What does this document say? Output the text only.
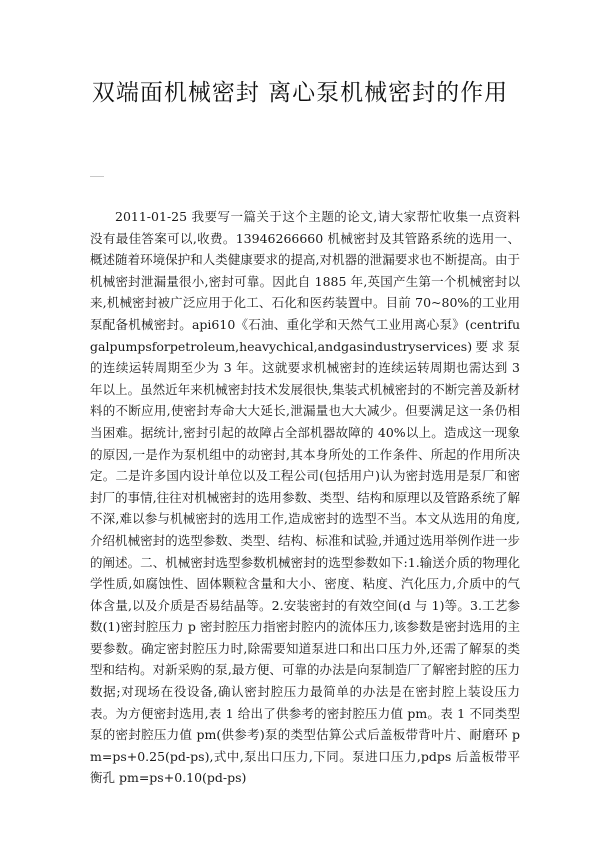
双端面机械密封 离心泵机械密封的作用

2011-01-25 我要写一篇关于这个主题的论文,请大家帮忙收集一点资料没有最佳答案可以,收费。13946266660 机械密封及其管路系统的选用一、概述随着环境保护和人类健康要求的提高,对机器的泄漏要求也不断提高。由于机械密封泄漏量很小,密封可靠。因此自 1885 年,英国产生第一个机械密封以来,机械密封被广泛应用于化工、石化和医药装置中。目前 70~80%的工业用泵配备机械密封。api610《石油、重化学和天然气工业用离心泵》(centrifugalpumpsforpetroleum,heavychical,andgasindustryservices)要求泵的连续运转周期至少为 3 年。这就要求机械密封的连续运转周期也需达到 3 年以上。虽然近年来机械密封技术发展很快,集装式机械密封的不断完善及新材料的不断应用,使密封寿命大大延长,泄漏量也大大减少。但要满足这一条仍相当困难。据统计,密封引起的故障占全部机器故障的 40%以上。造成这一现象的原因,一是作为泵机组中的动密封,其本身所处的工作条件、所起的作用所决定。二是许多国内设计单位以及工程公司(包括用户)认为密封选用是泵厂和密封厂的事情,往往对机械密封的选用参数、类型、结构和原理以及管路系统了解不深,难以参与机械密封的选用工作,造成密封的选型不当。本文从选用的角度,介绍机械密封的选型参数、类型、结构、标准和试验,并通过选用举例作进一步的阐述。二、机械密封选型参数机械密封的选型参数如下:1.输送介质的物理化学性质,如腐蚀性、固体颗粒含量和大小、密度、粘度、汽化压力,介质中的气体含量,以及介质是否易结晶等。2.安装密封的有效空间(d 与 1)等。3.工艺参数(1)密封腔压力 p 密封腔压力指密封腔内的流体压力,该参数是密封选用的主要参数。确定密封腔压力时,除需要知道泵进口和出口压力外,还需了解泵的类型和结构。对新采购的泵,最方便、可靠的办法是向泵制造厂了解密封腔的压力数据;对现场在役设备,确认密封腔压力最简单的办法是在密封腔上装设压力表。为方便密封选用,表 1 给出了供参考的密封腔压力值 pm。表 1 不同类型泵的密封腔压力值 pm(供参考)泵的类型估算公式后盖板带背叶片、耐磨环 pm=ps+0.25(pd-ps),式中,泵出口压力,下同。泵进口压力,pdps 后盖板带平衡孔 pm=ps+0.10(pd-ps)
